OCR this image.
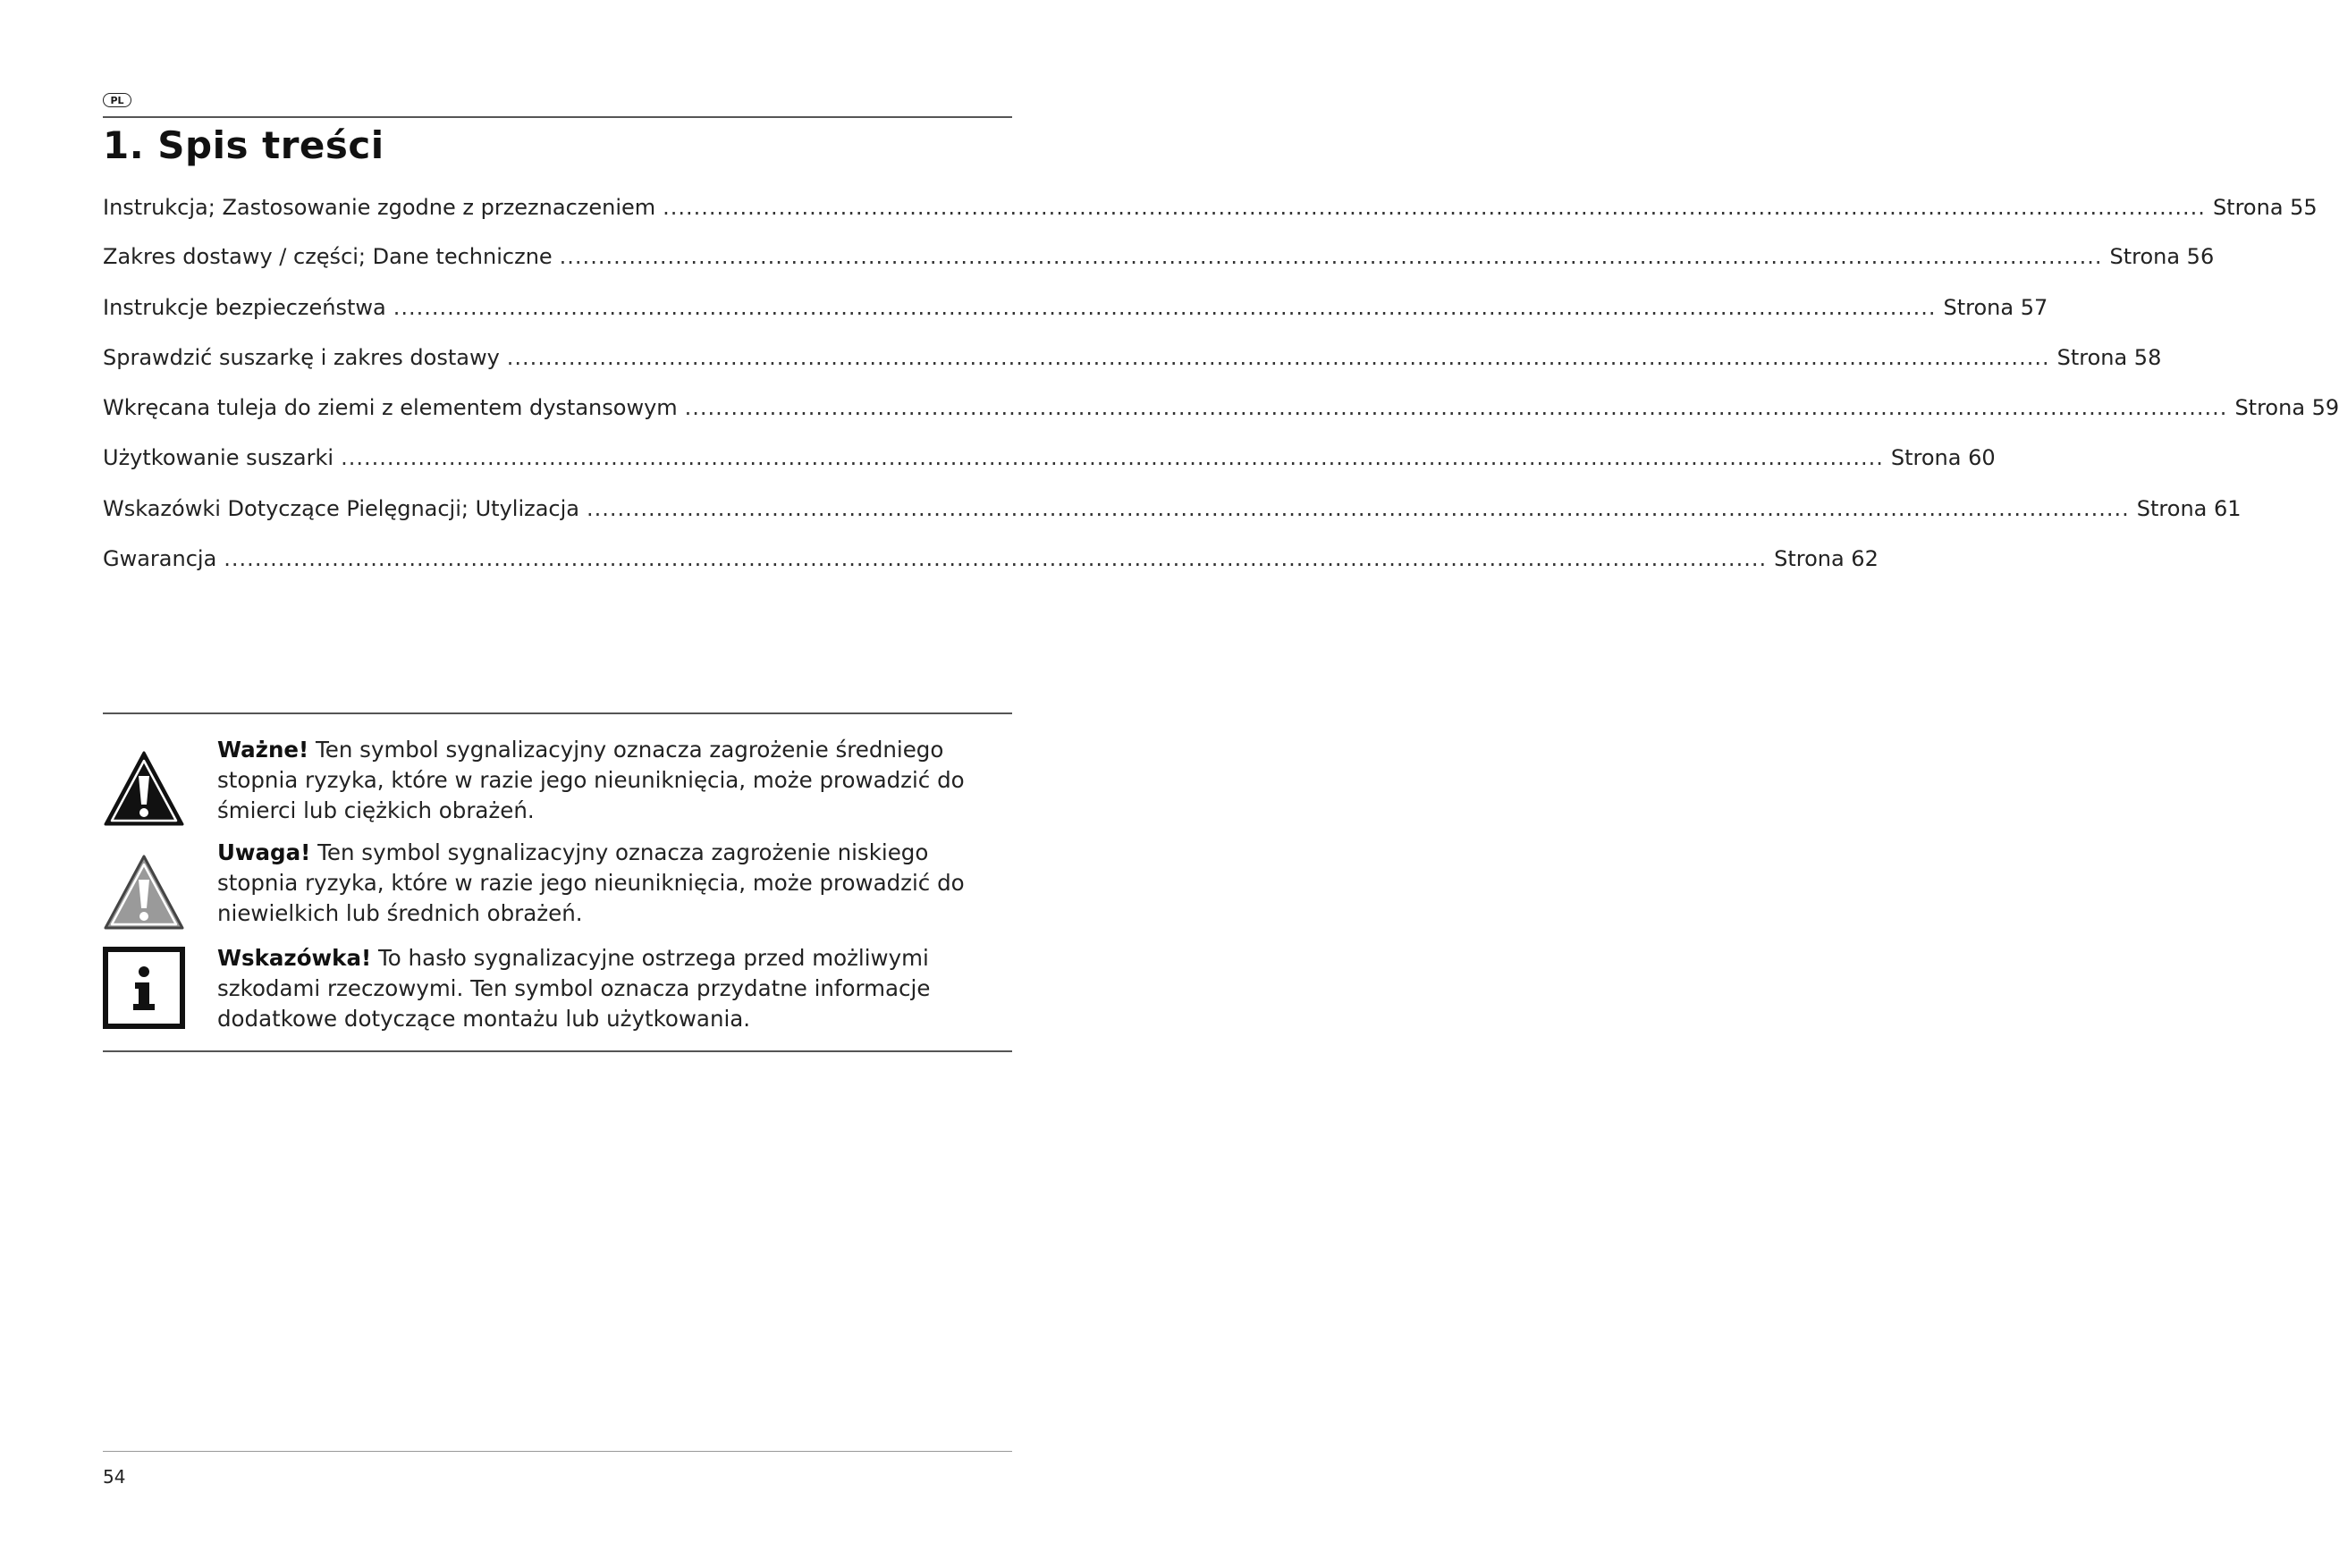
PL
1. Spis treści
Instrukcja; Zastosowanie zgodne z przeznaczeniem ........................................................................................................................................................................................................ Strona 55
Zakres dostawy / części; Dane techniczne ........................................................................................................................................................................................................ Strona 56
Instrukcje bezpieczeństwa ........................................................................................................................................................................................................ Strona 57
Sprawdzić suszarkę i zakres dostawy ........................................................................................................................................................................................................ Strona 58
Wkręcana tuleja do ziemi z elementem dystansowym ........................................................................................................................................................................................................ Strona 59
Użytkowanie suszarki ........................................................................................................................................................................................................ Strona 60
Wskazówki Dotyczące Pielęgnacji; Utylizacja ........................................................................................................................................................................................................ Strona 61
Gwarancja ........................................................................................................................................................................................................ Strona 62
Ważne! Ten symbol sygnalizacyjny oznacza zagrożenie średniego stopnia ryzyka, które w razie jego nieuniknięcia, może prowadzić do śmierci lub ciężkich obrażeń.
Uwaga! Ten symbol sygnalizacyjny oznacza zagrożenie niskiego stopnia ryzyka, które w razie jego nieuniknięcia, może prowadzić do niewielkich lub średnich obrażeń.
Wskazówka! To hasło sygnalizacyjne ostrzega przed możliwymi szkodami rzeczowymi. Ten symbol oznacza przydatne informacje dodatkowe dotyczące montażu lub użytkowania.
54
